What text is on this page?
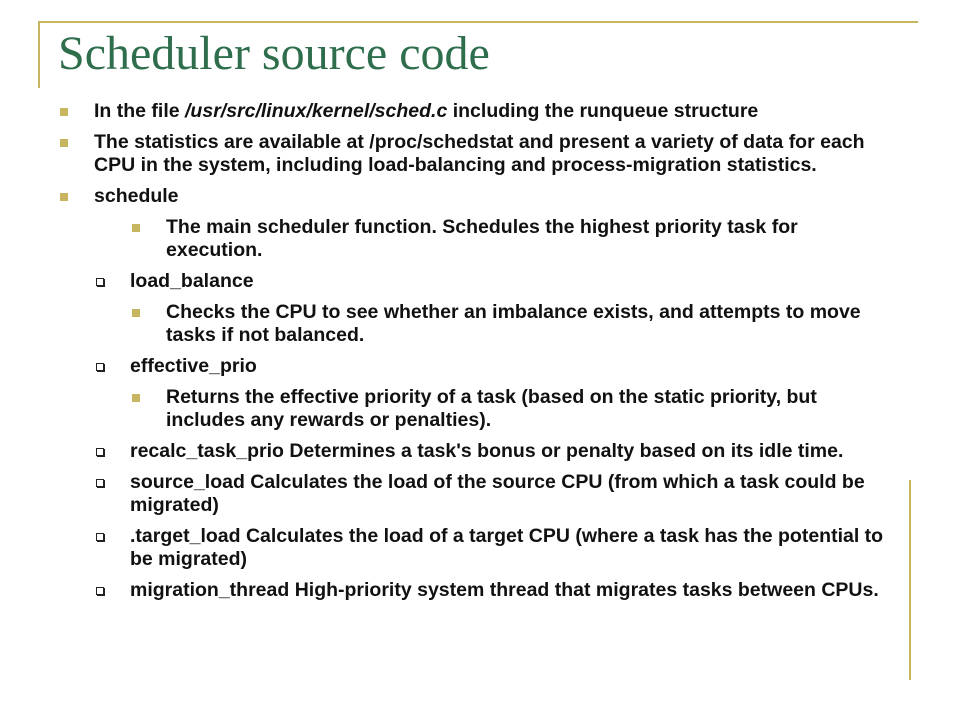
Scheduler source code
In the file /usr/src/linux/kernel/sched.c including the runqueue structure
The statistics are available at /proc/schedstat and present a variety of data for each CPU in the system, including load-balancing and process-migration statistics.
schedule
The main scheduler function. Schedules the highest priority task for execution.
load_balance
Checks the CPU to see whether an imbalance exists, and attempts to move tasks if not balanced.
effective_prio
Returns the effective priority of a task (based on the static priority, but includes any rewards or penalties).
recalc_task_prio Determines a task's bonus or penalty based on its idle time.
source_load Calculates the load of the source CPU (from which a task could be migrated)
.target_load Calculates the load of a target CPU (where a task has the potential to be migrated)
migration_thread High-priority system thread that migrates tasks between CPUs.
